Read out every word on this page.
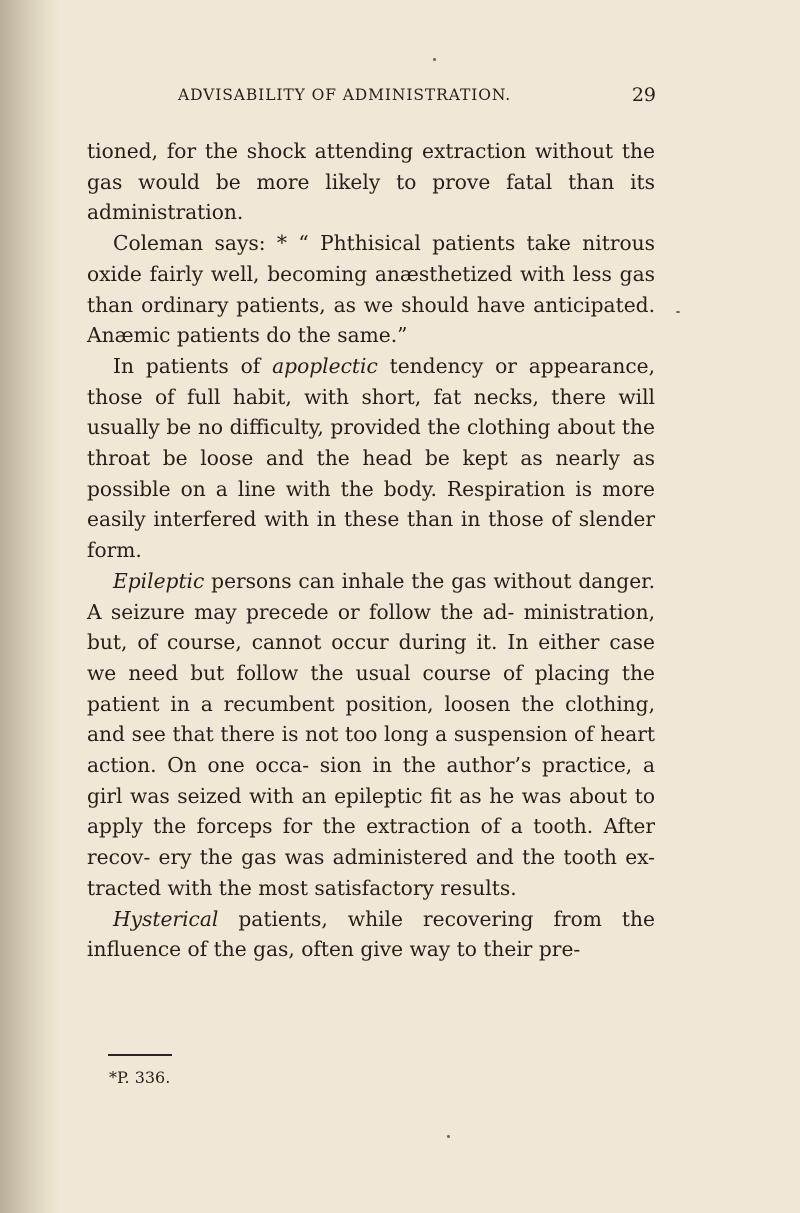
ADVISABILITY OF ADMINISTRATION.	29

tioned, for the shock attending extraction without the gas would be more likely to prove fatal than its administration.

Coleman says: * “ Phthisical patients take nitrous oxide fairly well, becoming anæsthetized with less gas than ordinary patients, as we should have anticipated. Anæmic patients do the same.”

In patients of apoplectic tendency or appearance, those of full habit, with short, fat necks, there will usually be no difficulty, provided the clothing about the throat be loose and the head be kept as nearly as possible on a line with the body. Respiration is more easily interfered with in these than in those of slender form.

Epileptic persons can inhale the gas without danger. A seizure may precede or follow the ad- ministration, but, of course, cannot occur during it. In either case we need but follow the usual course of placing the patient in a recumbent position, loosen the clothing, and see that there is not too long a suspension of heart action. On one occa- sion in the author’s practice, a girl was seized with an epileptic fit as he was about to apply the forceps for the extraction of a tooth. After recov- ery the gas was administered and the tooth ex- tracted with the most satisfactory results.

Hysterical patients, while recovering from the influence of the gas, often give way to their pre-

*P. 336.
